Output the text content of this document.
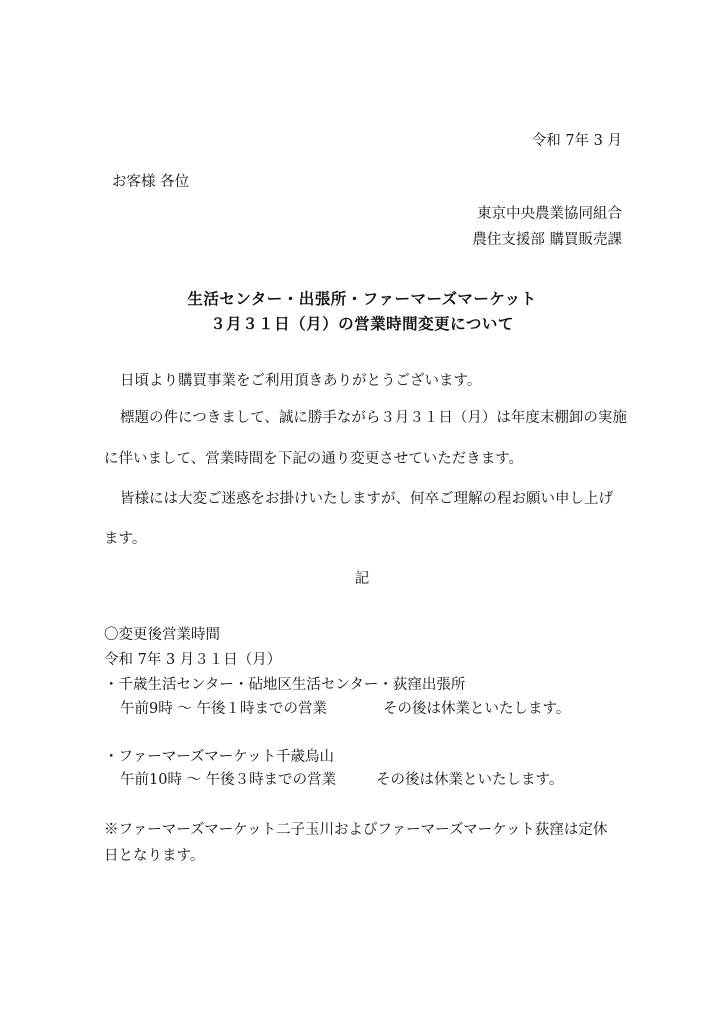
令和 7年 3 月
お客様 各位
東京中央農業協同組合
農住支援部 購買販売課
生活センター・出張所・ファーマーズマーケット
３月３１日（月）の営業時間変更について
日頃より購買事業をご利用頂きありがとうございます。
標題の件につきまして、誠に勝手ながら３月３１日（月）は年度末棚卸の実施
に伴いまして、営業時間を下記の通り変更させていただきます。
皆様には大変ご迷惑をお掛けいたしますが、何卒ご理解の程お願い申し上げ
ます。
記
〇変更後営業時間
令和 7年 3 月３１日（月）
・千歳生活センター・砧地区生活センター・荻窪出張所
午前9時 〜 午後１時までの営業	その後は休業といたします。
・ファーマーズマーケット千歳烏山
午前10時 〜 午後３時までの営業	その後は休業といたします。
※ファーマーズマーケット二子玉川およびファーマーズマーケット荻窪は定休
日となります。
